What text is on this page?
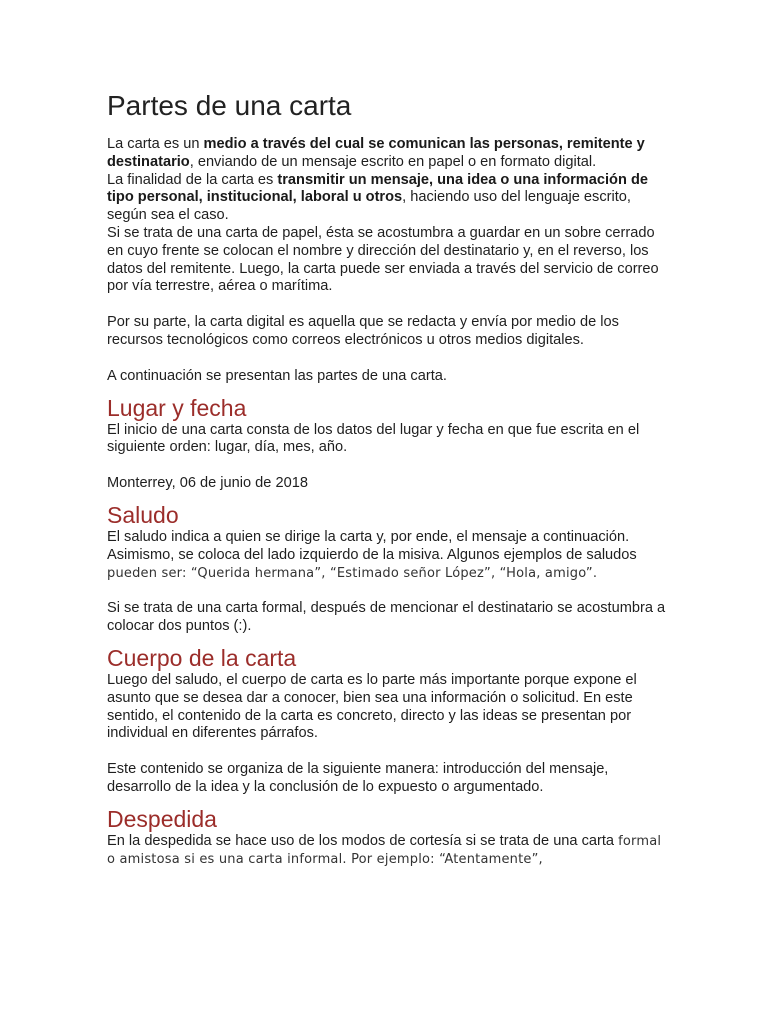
Partes de una carta

La carta es un medio a través del cual se comunican las personas, remitente y destinatario, enviando de un mensaje escrito en papel o en formato digital.

La finalidad de la carta es transmitir un mensaje, una idea o una información de tipo personal, institucional, laboral u otros, haciendo uso del lenguaje escrito, según sea el caso.

Si se trata de una carta de papel, ésta se acostumbra a guardar en un sobre cerrado en cuyo frente se colocan el nombre y dirección del destinatario y, en el reverso, los datos del remitente. Luego, la carta puede ser enviada a través del servicio de correo por vía terrestre, aérea o marítima.

Por su parte, la carta digital es aquella que se redacta y envía por medio de los recursos tecnológicos como correos electrónicos u otros medios digitales.

A continuación se presentan las partes de una carta.

Lugar y fecha

El inicio de una carta consta de los datos del lugar y fecha en que fue escrita en el siguiente orden: lugar, día, mes, año.

Monterrey, 06 de junio de 2018

Saludo

El saludo indica a quien se dirige la carta y, por ende, el mensaje a continuación. Asimismo, se coloca del lado izquierdo de la misiva. Algunos ejemplos de saludos pueden ser: “Querida hermana”, “Estimado señor López”, “Hola, amigo”.

Si se trata de una carta formal, después de mencionar el destinatario se acostumbra a colocar dos puntos (:).

Cuerpo de la carta

Luego del saludo, el cuerpo de carta es lo parte más importante porque expone el asunto que se desea dar a conocer, bien sea una información o solicitud. En este sentido, el contenido de la carta es concreto, directo y las ideas se presentan por individual en diferentes párrafos.

Este contenido se organiza de la siguiente manera: introducción del mensaje, desarrollo de la idea y la conclusión de lo expuesto o argumentado.

Despedida

En la despedida se hace uso de los modos de cortesía si se trata de una carta formal o amistosa si es una carta informal. Por ejemplo: “Atentamente”,
